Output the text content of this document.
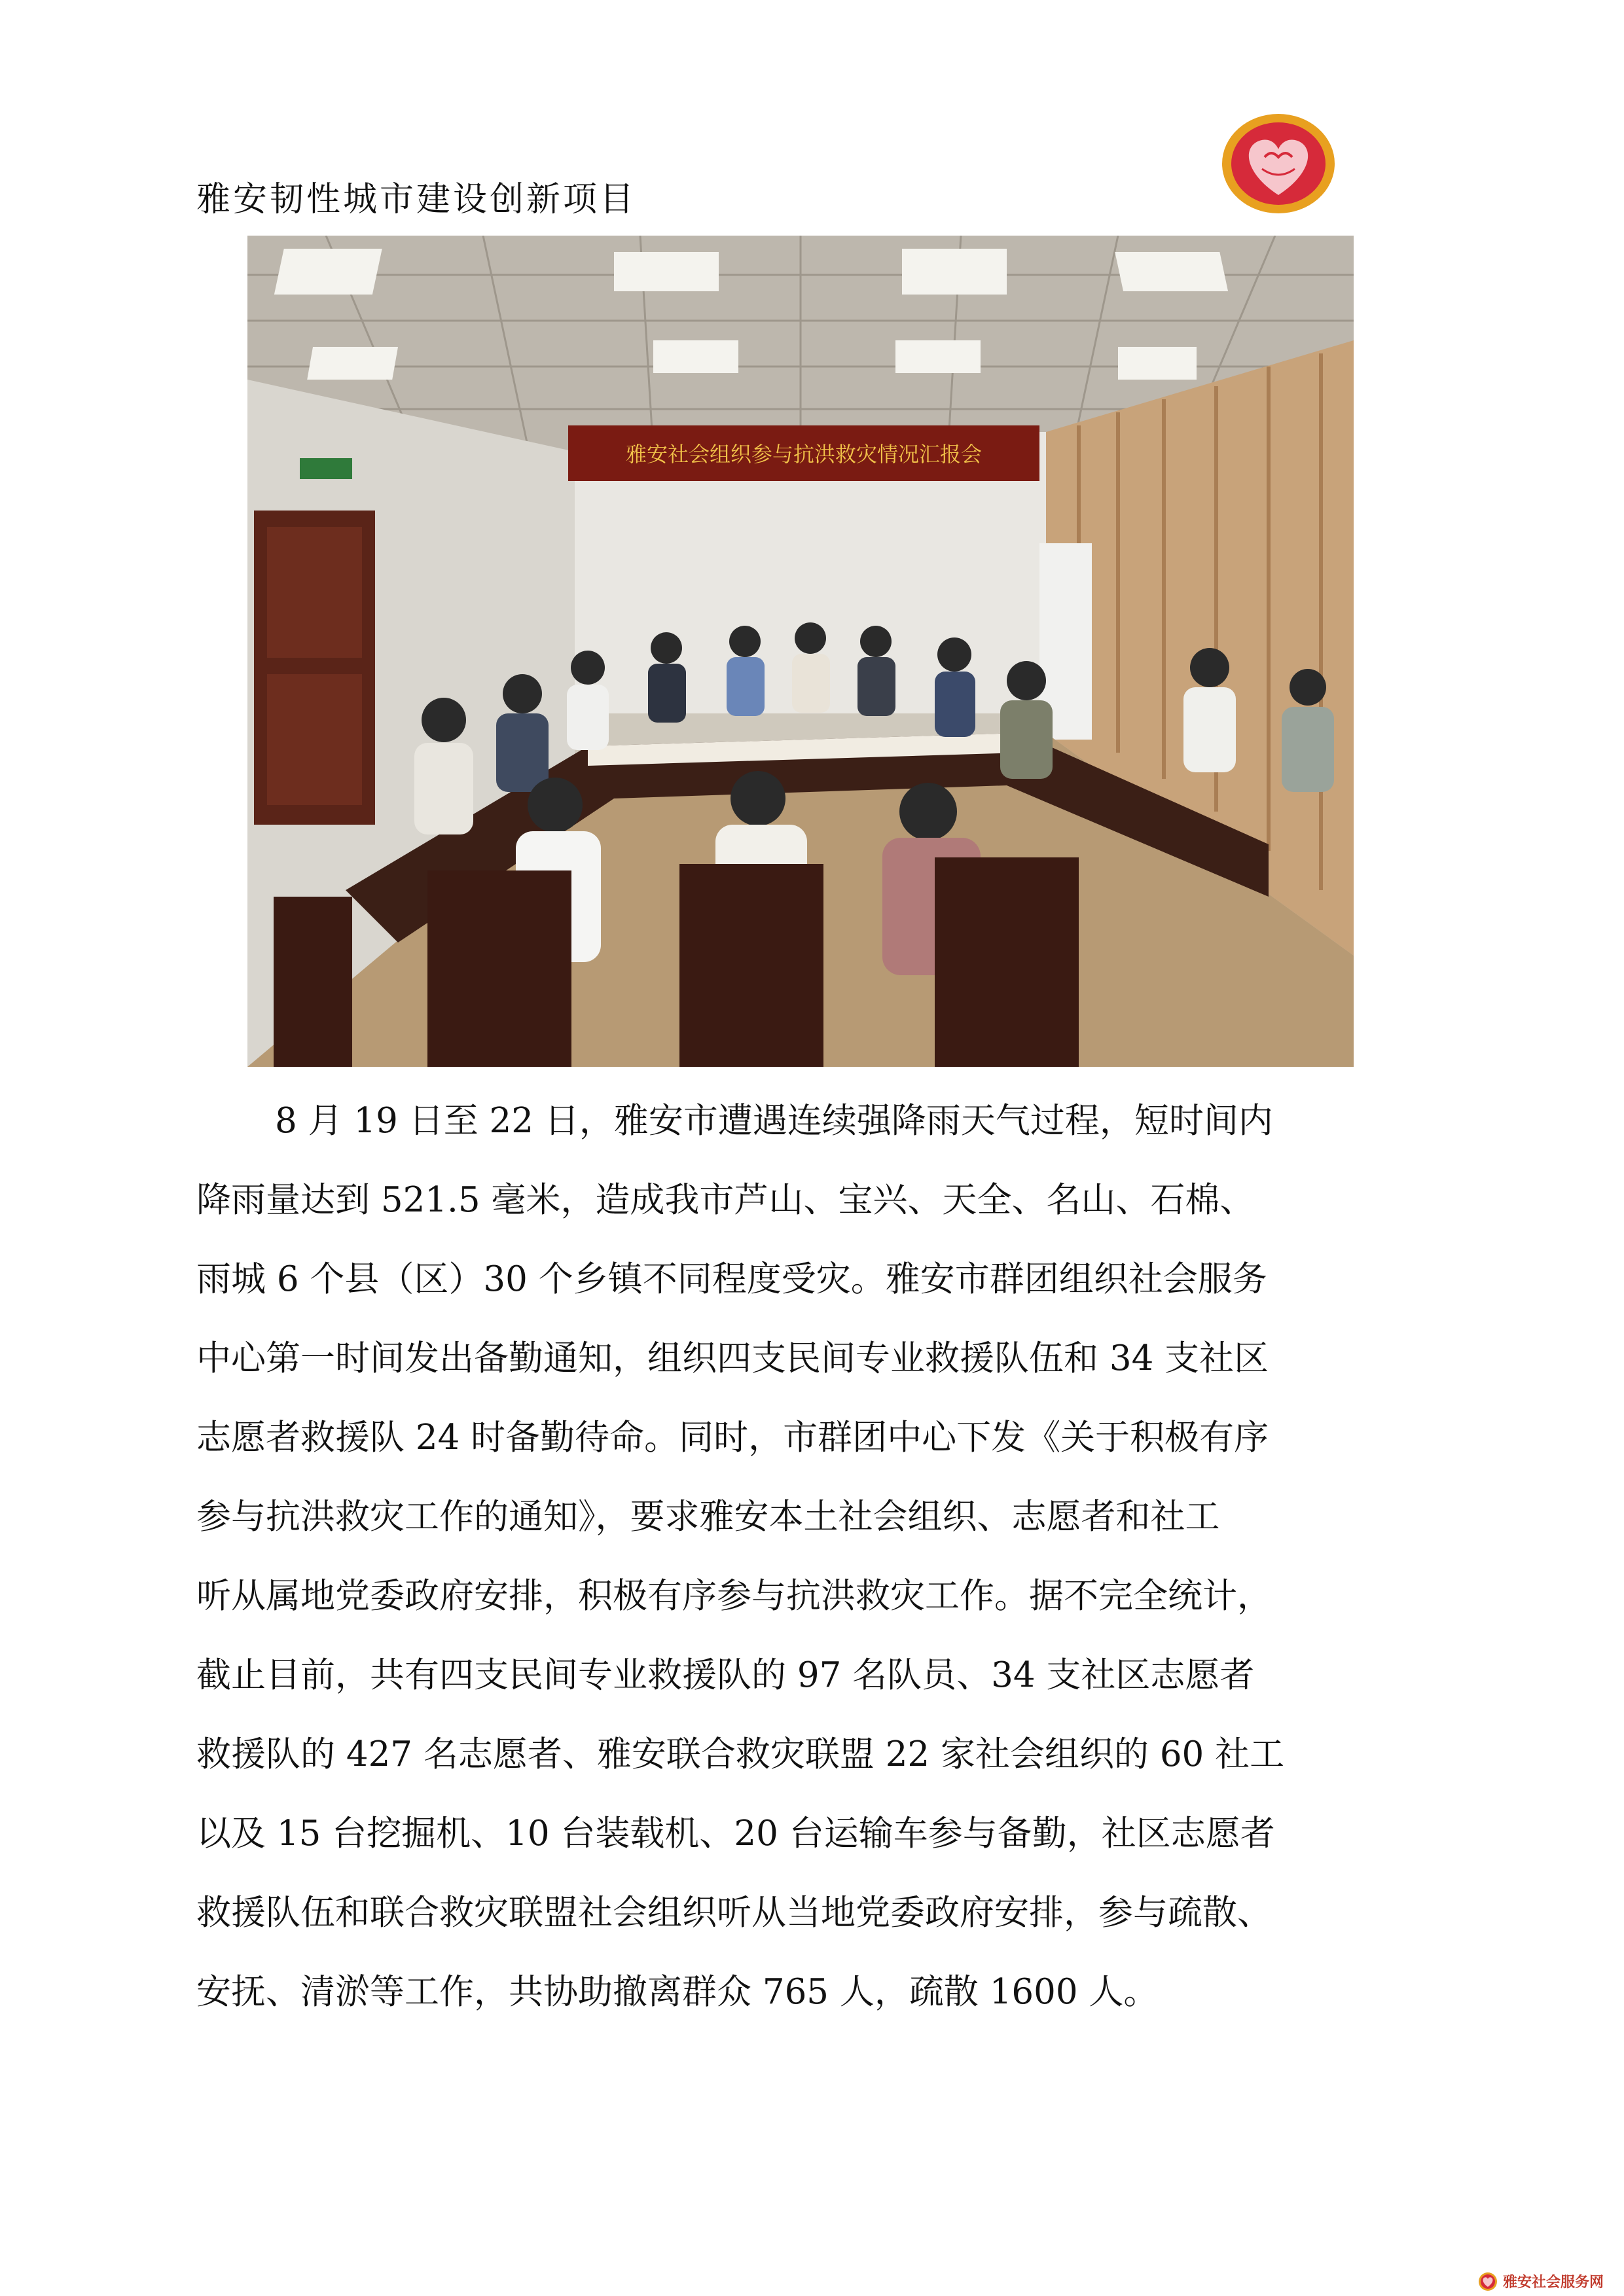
雅安韧性城市建设创新项目
雅安社会组织参与抗洪救灾情况汇报会
8 月 19 日至 22 日，雅安市遭遇连续强降雨天气过程，短时间内
降雨量达到 521.5 毫米，造成我市芦山、宝兴、天全、名山、石棉、
雨城 6 个县（区）30 个乡镇不同程度受灾。雅安市群团组织社会服务
中心第一时间发出备勤通知，组织四支民间专业救援队伍和 34 支社区
志愿者救援队 24 时备勤待命。同时，市群团中心下发《关于积极有序
参与抗洪救灾工作的通知》，要求雅安本土社会组织、志愿者和社工
听从属地党委政府安排，积极有序参与抗洪救灾工作。据不完全统计，
截止目前，共有四支民间专业救援队的 97 名队员、34 支社区志愿者
救援队的 427 名志愿者、雅安联合救灾联盟 22 家社会组织的 60 社工
以及 15 台挖掘机、10 台装载机、20 台运输车参与备勤，社区志愿者
救援队伍和联合救灾联盟社会组织听从当地党委政府安排，参与疏散、
安抚、清淤等工作，共协助撤离群众 765 人，疏散 1600 人。
雅安社会服务网
